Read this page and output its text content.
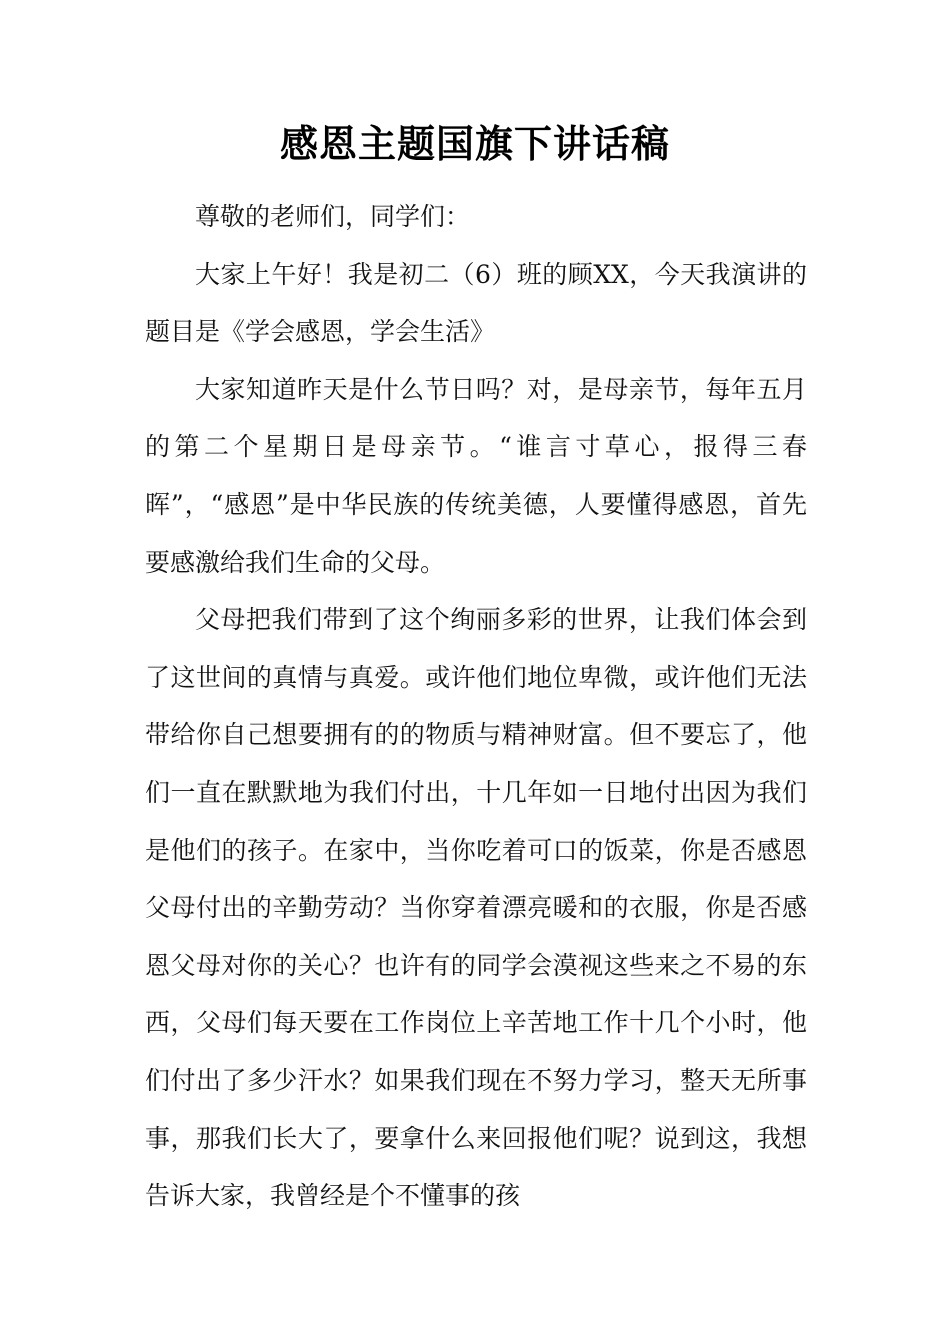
感恩主题国旗下讲话稿

尊敬的老师们，同学们：

大家上午好！我是初二（6）班的顾XX，今天我演讲的题目是《学会感恩，学会生活》

大家知道昨天是什么节日吗？对，是母亲节，每年五月的第二个星期日是母亲节。“谁言寸草心，报得三春晖”，“感恩”是中华民族的传统美德，人要懂得感恩，首先要感激给我们生命的父母。

父母把我们带到了这个绚丽多彩的世界，让我们体会到了这世间的真情与真爱。或许他们地位卑微，或许他们无法带给你自己想要拥有的的物质与精神财富。但不要忘了，他们一直在默默地为我们付出，十几年如一日地付出因为我们是他们的孩子。在家中，当你吃着可口的饭菜，你是否感恩父母付出的辛勤劳动？当你穿着漂亮暖和的衣服，你是否感恩父母对你的关心？也许有的同学会漠视这些来之不易的东西，父母们每天要在工作岗位上辛苦地工作十几个小时，他们付出了多少汗水？如果我们现在不努力学习，整天无所事事，那我们长大了，要拿什么来回报他们呢？说到这，我想告诉大家，我曾经是个不懂事的孩
